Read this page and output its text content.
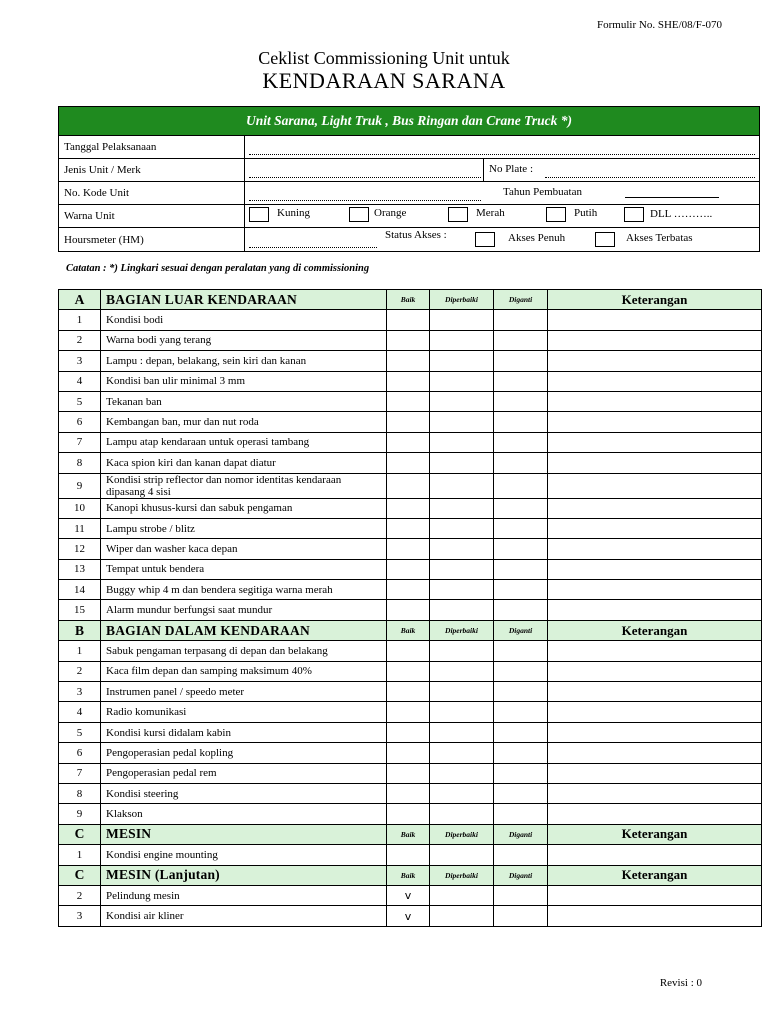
Formulir No. SHE/08/F-070
Ceklist Commissioning Unit untuk
KENDARAAN SARANA
Unit Sarana, Light Truk , Bus Ringan dan Crane Truck *)
Tanggal Pelaksanaan
Jenis Unit / Merk	No Plate :
No. Kode Unit	Tahun Pembuatan
Warna Unit	Kuning	Orange	Merah	Putih	DLL ………..
Hoursmeter (HM)	Status Akses :	Akses Penuh	Akses Terbatas
Catatan : *) Lingkari sesuai dengan peralatan yang di commissioning
A	BAGIAN LUAR KENDARAAN	Baik	Diperbaiki	Diganti	Keterangan
1	Kondisi bodi				
2	Warna bodi yang terang				
3	Lampu : depan, belakang, sein kiri dan kanan				
4	Kondisi ban ulir minimal 3 mm				
5	Tekanan ban				
6	Kembangan ban, mur dan nut roda				
7	Lampu atap kendaraan untuk operasi tambang				
8	Kaca spion kiri dan kanan dapat diatur				
9	Kondisi strip reflector dan nomor identitas kendaraan dipasang 4 sisi				
10	Kanopi khusus-kursi dan sabuk pengaman				
11	Lampu strobe / blitz				
12	Wiper dan washer kaca depan				
13	Tempat untuk bendera				
14	Buggy whip 4 m dan bendera segitiga warna merah				
15	Alarm mundur berfungsi saat mundur				
B	BAGIAN DALAM KENDARAAN	Baik	Diperbaiki	Diganti	Keterangan
1	Sabuk pengaman terpasang di depan dan belakang				
2	Kaca film depan dan samping maksimum 40%				
3	Instrumen panel / speedo meter				
4	Radio komunikasi				
5	Kondisi kursi didalam kabin				
6	Pengoperasian pedal kopling				
7	Pengoperasian pedal rem				
8	Kondisi steering				
9	Klakson				
C	MESIN	Baik	Diperbaiki	Diganti	Keterangan
1	Kondisi engine mounting				
C	MESIN (Lanjutan)	Baik	Diperbaiki	Diganti	Keterangan
2	Pelindung mesin	v			
3	Kondisi air kliner	v			
Revisi : 0
